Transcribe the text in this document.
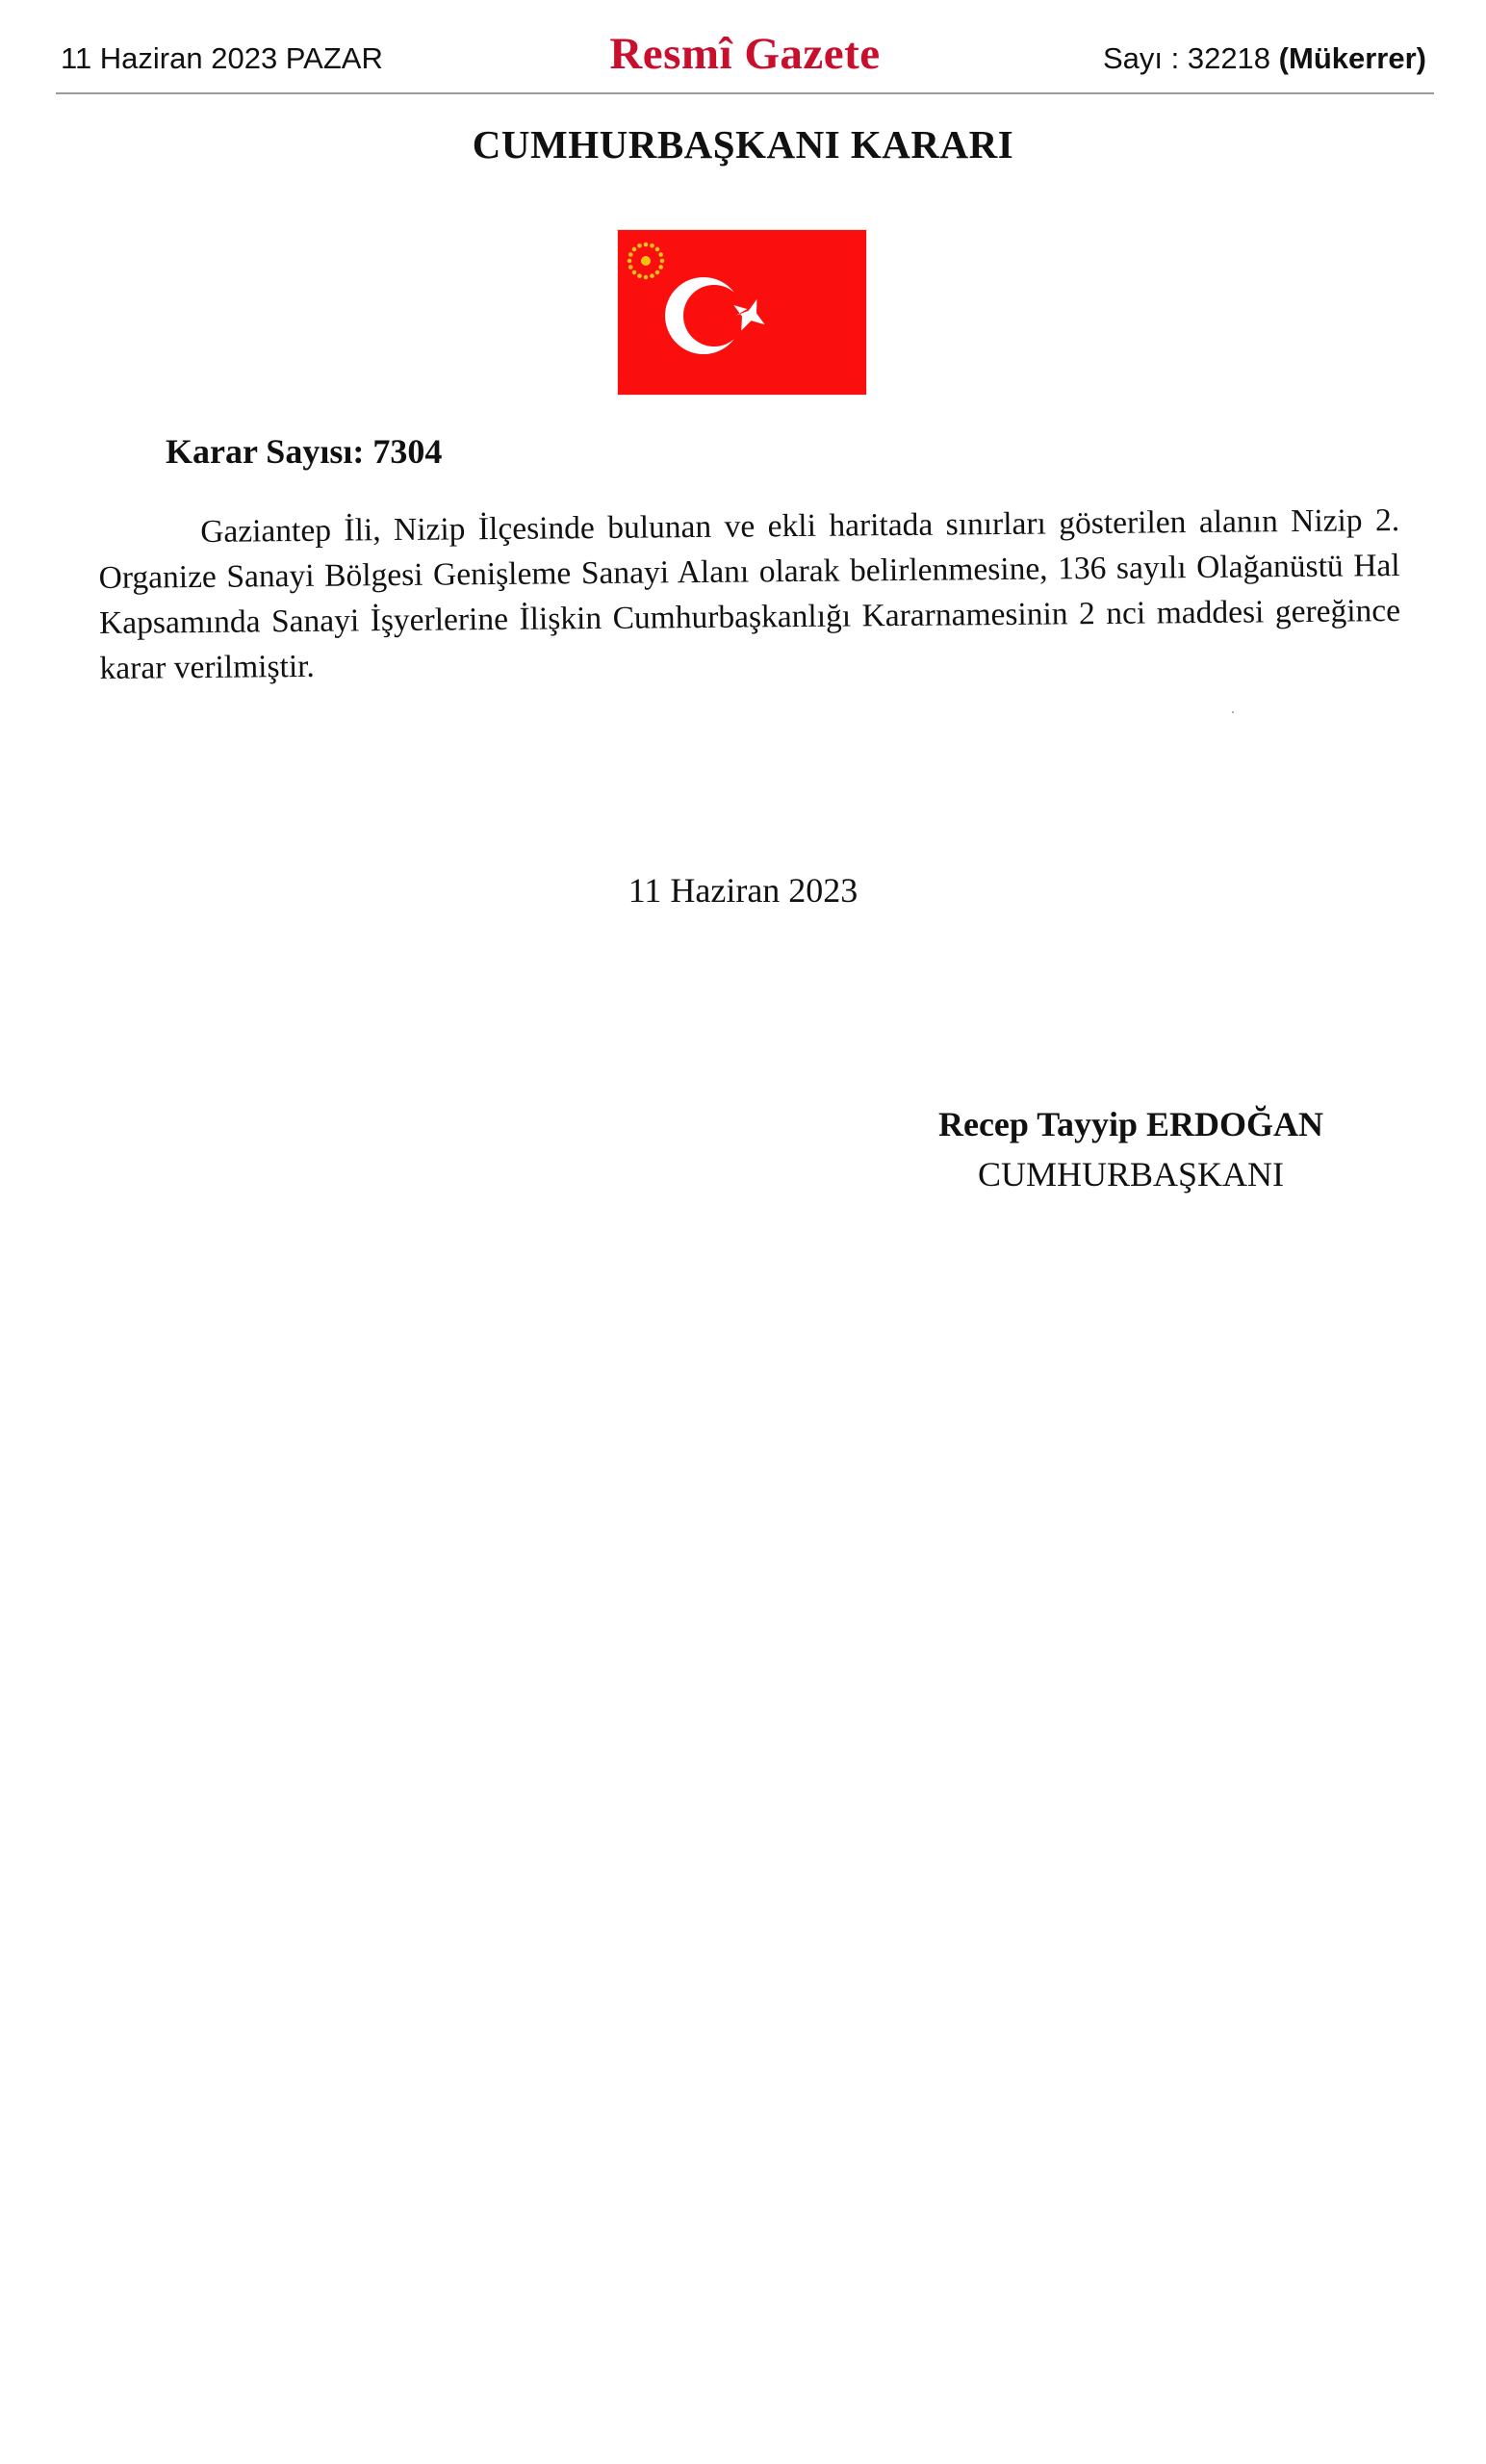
11 Haziran 2023 PAZAR	Resmî Gazete	Sayı : 32218 (Mükerrer)
CUMHURBAŞKANI KARARI
Karar Sayısı: 7304

Gaziantep İli, Nizip İlçesinde bulunan ve ekli haritada sınırları gösterilen alanın Nizip 2. Organize Sanayi Bölgesi Genişleme Sanayi Alanı olarak belirlenmesine, 136 sayılı Olağanüstü Hal Kapsamında Sanayi İşyerlerine İlişkin Cumhurbaşkanlığı Kararnamesinin 2 nci maddesi gereğince karar verilmiştir.

11 Haziran 2023
Recep Tayyip ERDOĞAN
CUMHURBAŞKANI
